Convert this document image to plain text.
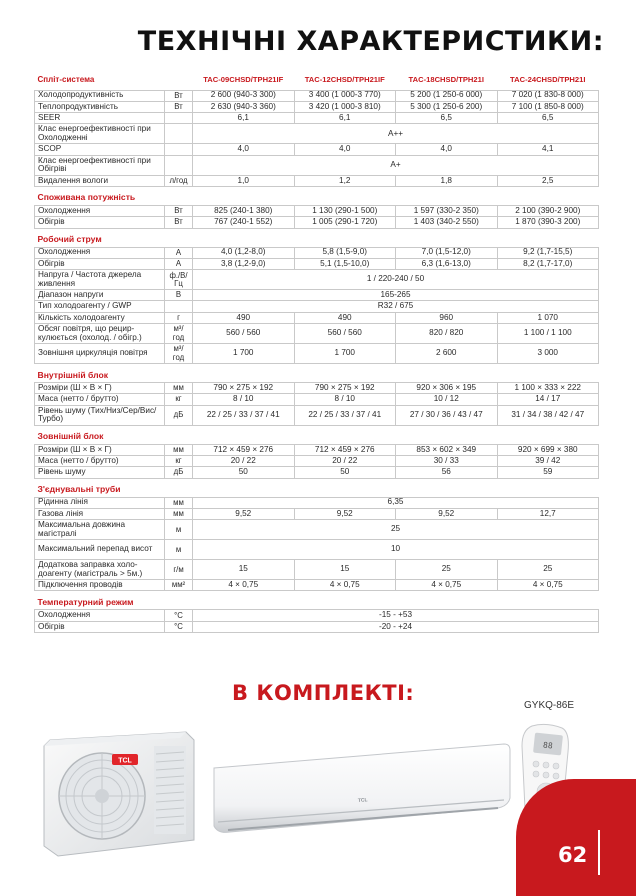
ТЕХНІЧНІ ХАРАКТЕРИСТИКИ:
Спліт-система		TAC-09CHSD/TPH21IF	TAC-12CHSD/TPH21IF	TAC-18CHSD/TPH21I	TAC-24CHSD/TPH21I
Холодопродуктивність	Вт	2 600 (940-3 300)	3 400 (1 000-3 770)	5 200 (1 250-6 000)	7 020 (1 830-8 000)
Теплопродуктивність	Вт	2 630 (940-3 360)	3 420 (1 000-3 810)	5 300 (1 250-6 200)	7 100 (1 850-8 000)
SEER		6,1	6,1	6,5	6,5
Клас енергоефективності при Охолодженні		A++			
SCOP		4,0	4,0	4,0	4,1
Клас енергоефективності при Обігріві		A+			
Видалення вологи	л/год	1,0	1,2	1,8	2,5
Споживана потужність					
Охолодження	Вт	825 (240-1 380)	1 130 (290-1 500)	1 597 (330-2 350)	2 100 (390-2 900)
Обігрів	Вт	767 (240-1 552)	1 005 (290-1 720)	1 403 (340-2 550)	1 870 (390-3 200)
Робочий струм					
Охолодження	А	4,0 (1,2-8,0)	5,8 (1,5-9,0)	7,0 (1,5-12,0)	9,2 (1,7-15,5)
Обігрів	А	3,8 (1,2-9,0)	5,1 (1,5-10,0)	6,3 (1,6-13,0)	8,2 (1,7-17,0)
Напруга / Частота джерела живлення	ф./В/Гц	1 / 220-240 / 50			
Діапазон напруги	В	165-265			
Тип холодоагенту / GWP		R32 / 675			
Кількість холодоагенту	г	490	490	960	1 070
Обсяг повітря, що рецир-кулюється (охолод. / обігр.)	м³/год	560 / 560	560 / 560	820 / 820	1 100 / 1 100
Зовнішня циркуляція повітря	м³/год	1 700	1 700	2 600	3 000
Внутрішній блок					
Розміри (Ш × В × Г)	мм	790 × 275 × 192	790 × 275 × 192	920 × 306 × 195	1 100 × 333 × 222
Маса (нетто / брутто)	кг	8 / 10	8 / 10	10 / 12	14 / 17
Рівень шуму (Тих/Низ/Сер/Вис/Турбо)	дБ	22 / 25 / 33 / 37 / 41	22 / 25 / 33 / 37 / 41	27 / 30 / 36 / 43 / 47	31 / 34 / 38 / 42 / 47
Зовнішній блок					
Розміри (Ш × В × Г)	мм	712 × 459 × 276	712 × 459 × 276	853 × 602 × 349	920 × 699 × 380
Маса (нетто / брутто)	кг	20 / 22	20 / 22	30 / 33	39 / 42
Рівень шуму	дБ	50	50	56	59
З'єднувальні труби					
Рідинна лінія	мм	6,35			
Газова лінія	мм	9,52	9,52	9,52	12,7
Максимальна довжина магістралі	м	25			
Максимальний перепад висот	м	10			
Додаткова заправка холо-доагенту (магістраль > 5м.)	г/м	15	15	25	25
Підключення проводів	мм²	4 × 0,75	4 × 0,75	4 × 0,75	4 × 0,75
Температурний режим					
Охолодження	°C	-15 - +53			
Обігрів	°C	-20 - +24			
В КОМПЛЕКТІ:
GYKQ-86E
TCL
TCL
88
62
